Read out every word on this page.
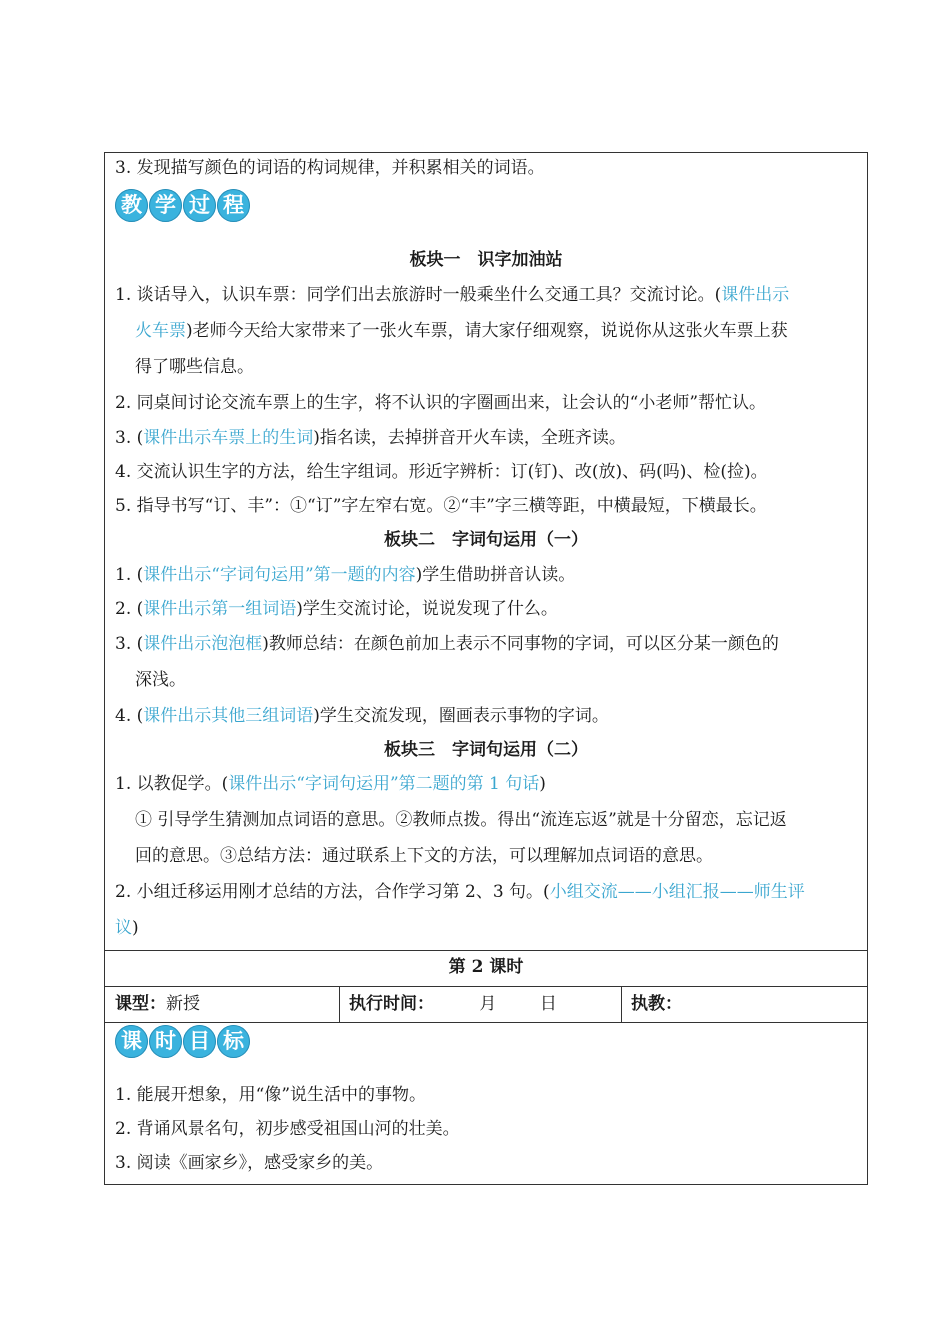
3. 发现描写颜色的词语的构词规律，并积累相关的词语。
教 学 过 程
板块一　识字加油站
1. 谈话导入，认识车票：同学们出去旅游时一般乘坐什么交通工具？交流讨论。(课件出示
火车票)老师今天给大家带来了一张火车票，请大家仔细观察，说说你从这张火车票上获
得了哪些信息。
2. 同桌间讨论交流车票上的生字，将不认识的字圈画出来，让会认的“小老师”帮忙认。
3. (课件出示车票上的生词)指名读，去掉拼音开火车读，全班齐读。
4. 交流认识生字的方法，给生字组词。形近字辨析：订(钉)、改(放)、码(吗)、检(捡)。
5. 指导书写“订、丰”：①“订”字左窄右宽。②“丰”字三横等距，中横最短，下横最长。
板块二　字词句运用（一）
1. (课件出示“字词句运用”第一题的内容)学生借助拼音认读。
2. (课件出示第一组词语)学生交流讨论，说说发现了什么。
3. (课件出示泡泡框)教师总结：在颜色前加上表示不同事物的字词，可以区分某一颜色的
深浅。
4. (课件出示其他三组词语)学生交流发现，圈画表示事物的字词。
板块三　字词句运用（二）
1. 以教促学。(课件出示“字词句运用”第二题的第 1 句话)
① 引导学生猜测加点词语的意思。②教师点拨。得出“流连忘返”就是十分留恋，忘记返
回的意思。③总结方法：通过联系上下文的方法，可以理解加点词语的意思。
2. 小组迁移运用刚才总结的方法，合作学习第 2、3 句。(小组交流——小组汇报——师生评
议)
第 2 课时
课型：新授	执行时间：	月	日	执教：
课 时 目 标
1. 能展开想象，用“像”说生活中的事物。
2. 背诵风景名句，初步感受祖国山河的壮美。
3. 阅读《画家乡》，感受家乡的美。
